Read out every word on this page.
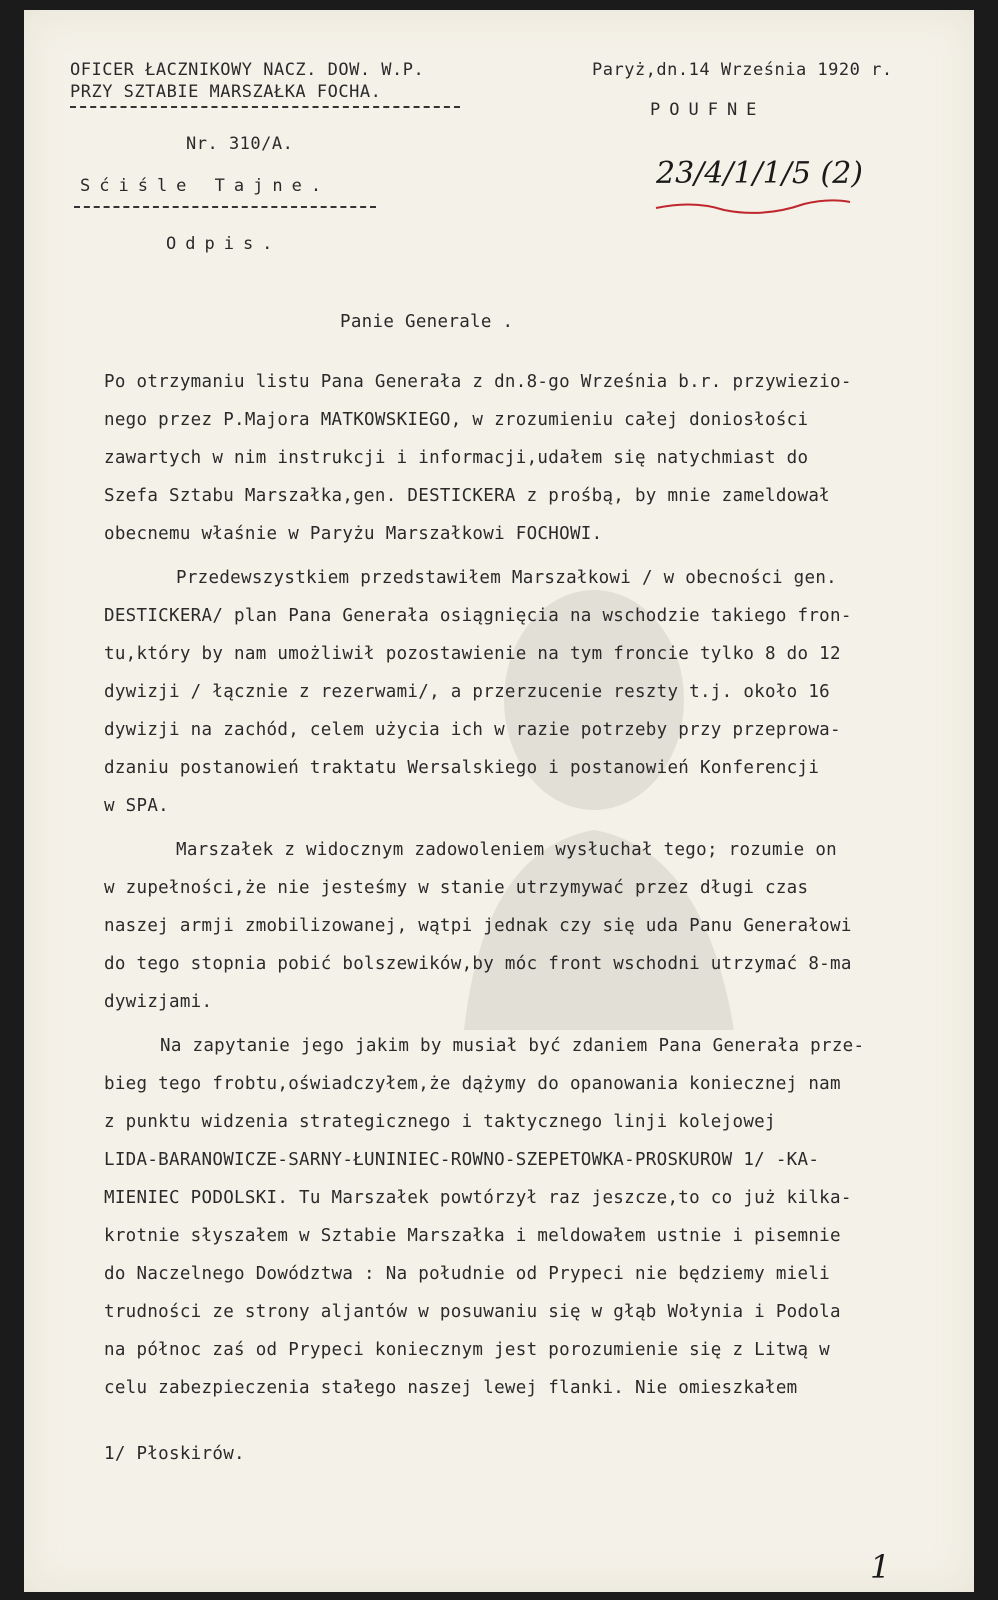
OFICER ŁACZNIKOWY NACZ. DOW. W.P.
PRZY SZTABIE MARSZAŁKA FOCHA.
Paryż,dn.14 Września 1920 r.
POUFNE
Nr. 310/A.
Sćiśle Tajne.
Odpis.
23/4/1/1/5 (2)
Panie Generale .
Po otrzymaniu listu Pana Generała z dn.8-go Września b.r. przywiezio-
nego przez P.Majora MATKOWSKIEGO, w zrozumieniu całej doniosłości
zawartych w nim instrukcji i informacji,udałem się natychmiast do
Szefa Sztabu Marszałka,gen. DESTICKERA z prośbą, by mnie zameldował
obecnemu właśnie w Paryżu Marszałkowi FOCHOWI.
Przedewszystkiem przedstawiłem Marszałkowi / w obecności gen.
DESTICKERA/ plan Pana Generała osiągnięcia na wschodzie takiego fron-
tu,który by nam umożliwił pozostawienie na tym froncie tylko 8 do 12
dywizji / łącznie z rezerwami/, a przerzucenie reszty t.j. około 16
dywizji na zachód, celem użycia ich w razie potrzeby przy przeprowa-
dzaniu postanowień traktatu Wersalskiego i postanowień Konferencji
w SPA.
Marszałek z widocznym zadowoleniem wysłuchał tego; rozumie on
w zupełności,że nie jesteśmy w stanie utrzymywać przez długi czas
naszej armji zmobilizowanej, wątpi jednak czy się uda Panu Generałowi
do tego stopnia pobić bolszewików,by móc front wschodni utrzymać 8-ma
dywizjami.
Na zapytanie jego jakim by musiał być zdaniem Pana Generała prze-
bieg tego frobtu,oświadczyłem,że dążymy do opanowania koniecznej nam
z punktu widzenia strategicznego i taktycznego linji kolejowej
LIDA-BARANOWICZE-SARNY-ŁUNINIEC-ROWNO-SZEPETOWKA-PROSKUROW 1/ -KA-
MIENIEC PODOLSKI. Tu Marszałek powtórzył raz jeszcze,to co już kilka-
krotnie słyszałem w Sztabie Marszałka i meldowałem ustnie i pisemnie
do Naczelnego Dowództwa : Na południe od Prypeci nie będziemy mieli
trudności ze strony aljantów w posuwaniu się w głąb Wołynia i Podola
na północ zaś od Prypeci koniecznym jest porozumienie się z Litwą w
celu zabezpieczenia stałego naszej lewej flanki. Nie omieszkałem
1/ Płoskirów.
1
